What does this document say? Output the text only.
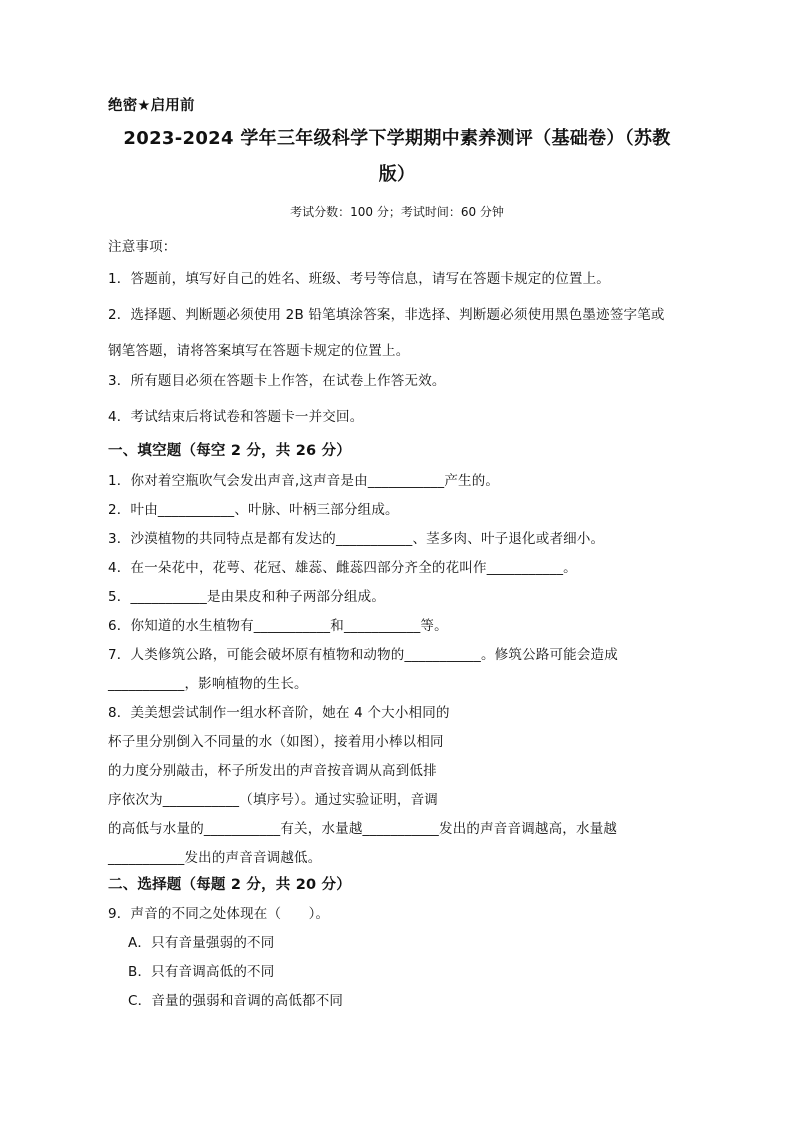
绝密★启用前
2023-2024 学年三年级科学下学期期中素养测评（基础卷）（苏教
版）
考试分数：100 分；考试时间：60 分钟
注意事项：
1．答题前，填写好自己的姓名、班级、考号等信息，请写在答题卡规定的位置上。
2．选择题、判断题必须使用 2B 铅笔填涂答案，非选择、判断题必须使用黑色墨迹签字笔或
钢笔答题，请将答案填写在答题卡规定的位置上。
3．所有题目必须在答题卡上作答，在试卷上作答无效。
4．考试结束后将试卷和答题卡一并交回。
一、填空题（每空 2 分，共 26 分）
1．你对着空瓶吹气会发出声音,这声音是由___________产生的。
2．叶由___________、叶脉、叶柄三部分组成。
3．沙漠植物的共同特点是都有发达的___________、茎多肉、叶子退化或者细小。
4．在一朵花中，花萼、花冠、雄蕊、雌蕊四部分齐全的花叫作___________。
5．___________是由果皮和种子两部分组成。
6．你知道的水生植物有___________和___________等。
7．人类修筑公路，可能会破坏原有植物和动物的___________。修筑公路可能会造成
___________，影响植物的生长。
8．美美想尝试制作一组水杯音阶，她在 4 个大小相同的
杯子里分别倒入不同量的水（如图），接着用小棒以相同
的力度分别敲击，杯子所发出的声音按音调从高到低排
序依次为___________（填序号）。通过实验证明，音调
的高低与水量的___________有关，水量越___________发出的声音音调越高，水量越
___________发出的声音音调越低。
二、选择题（每题 2 分，共 20 分）
9．声音的不同之处体现在（　　）。
A．只有音量强弱的不同
B．只有音调高低的不同
C．音量的强弱和音调的高低都不同
